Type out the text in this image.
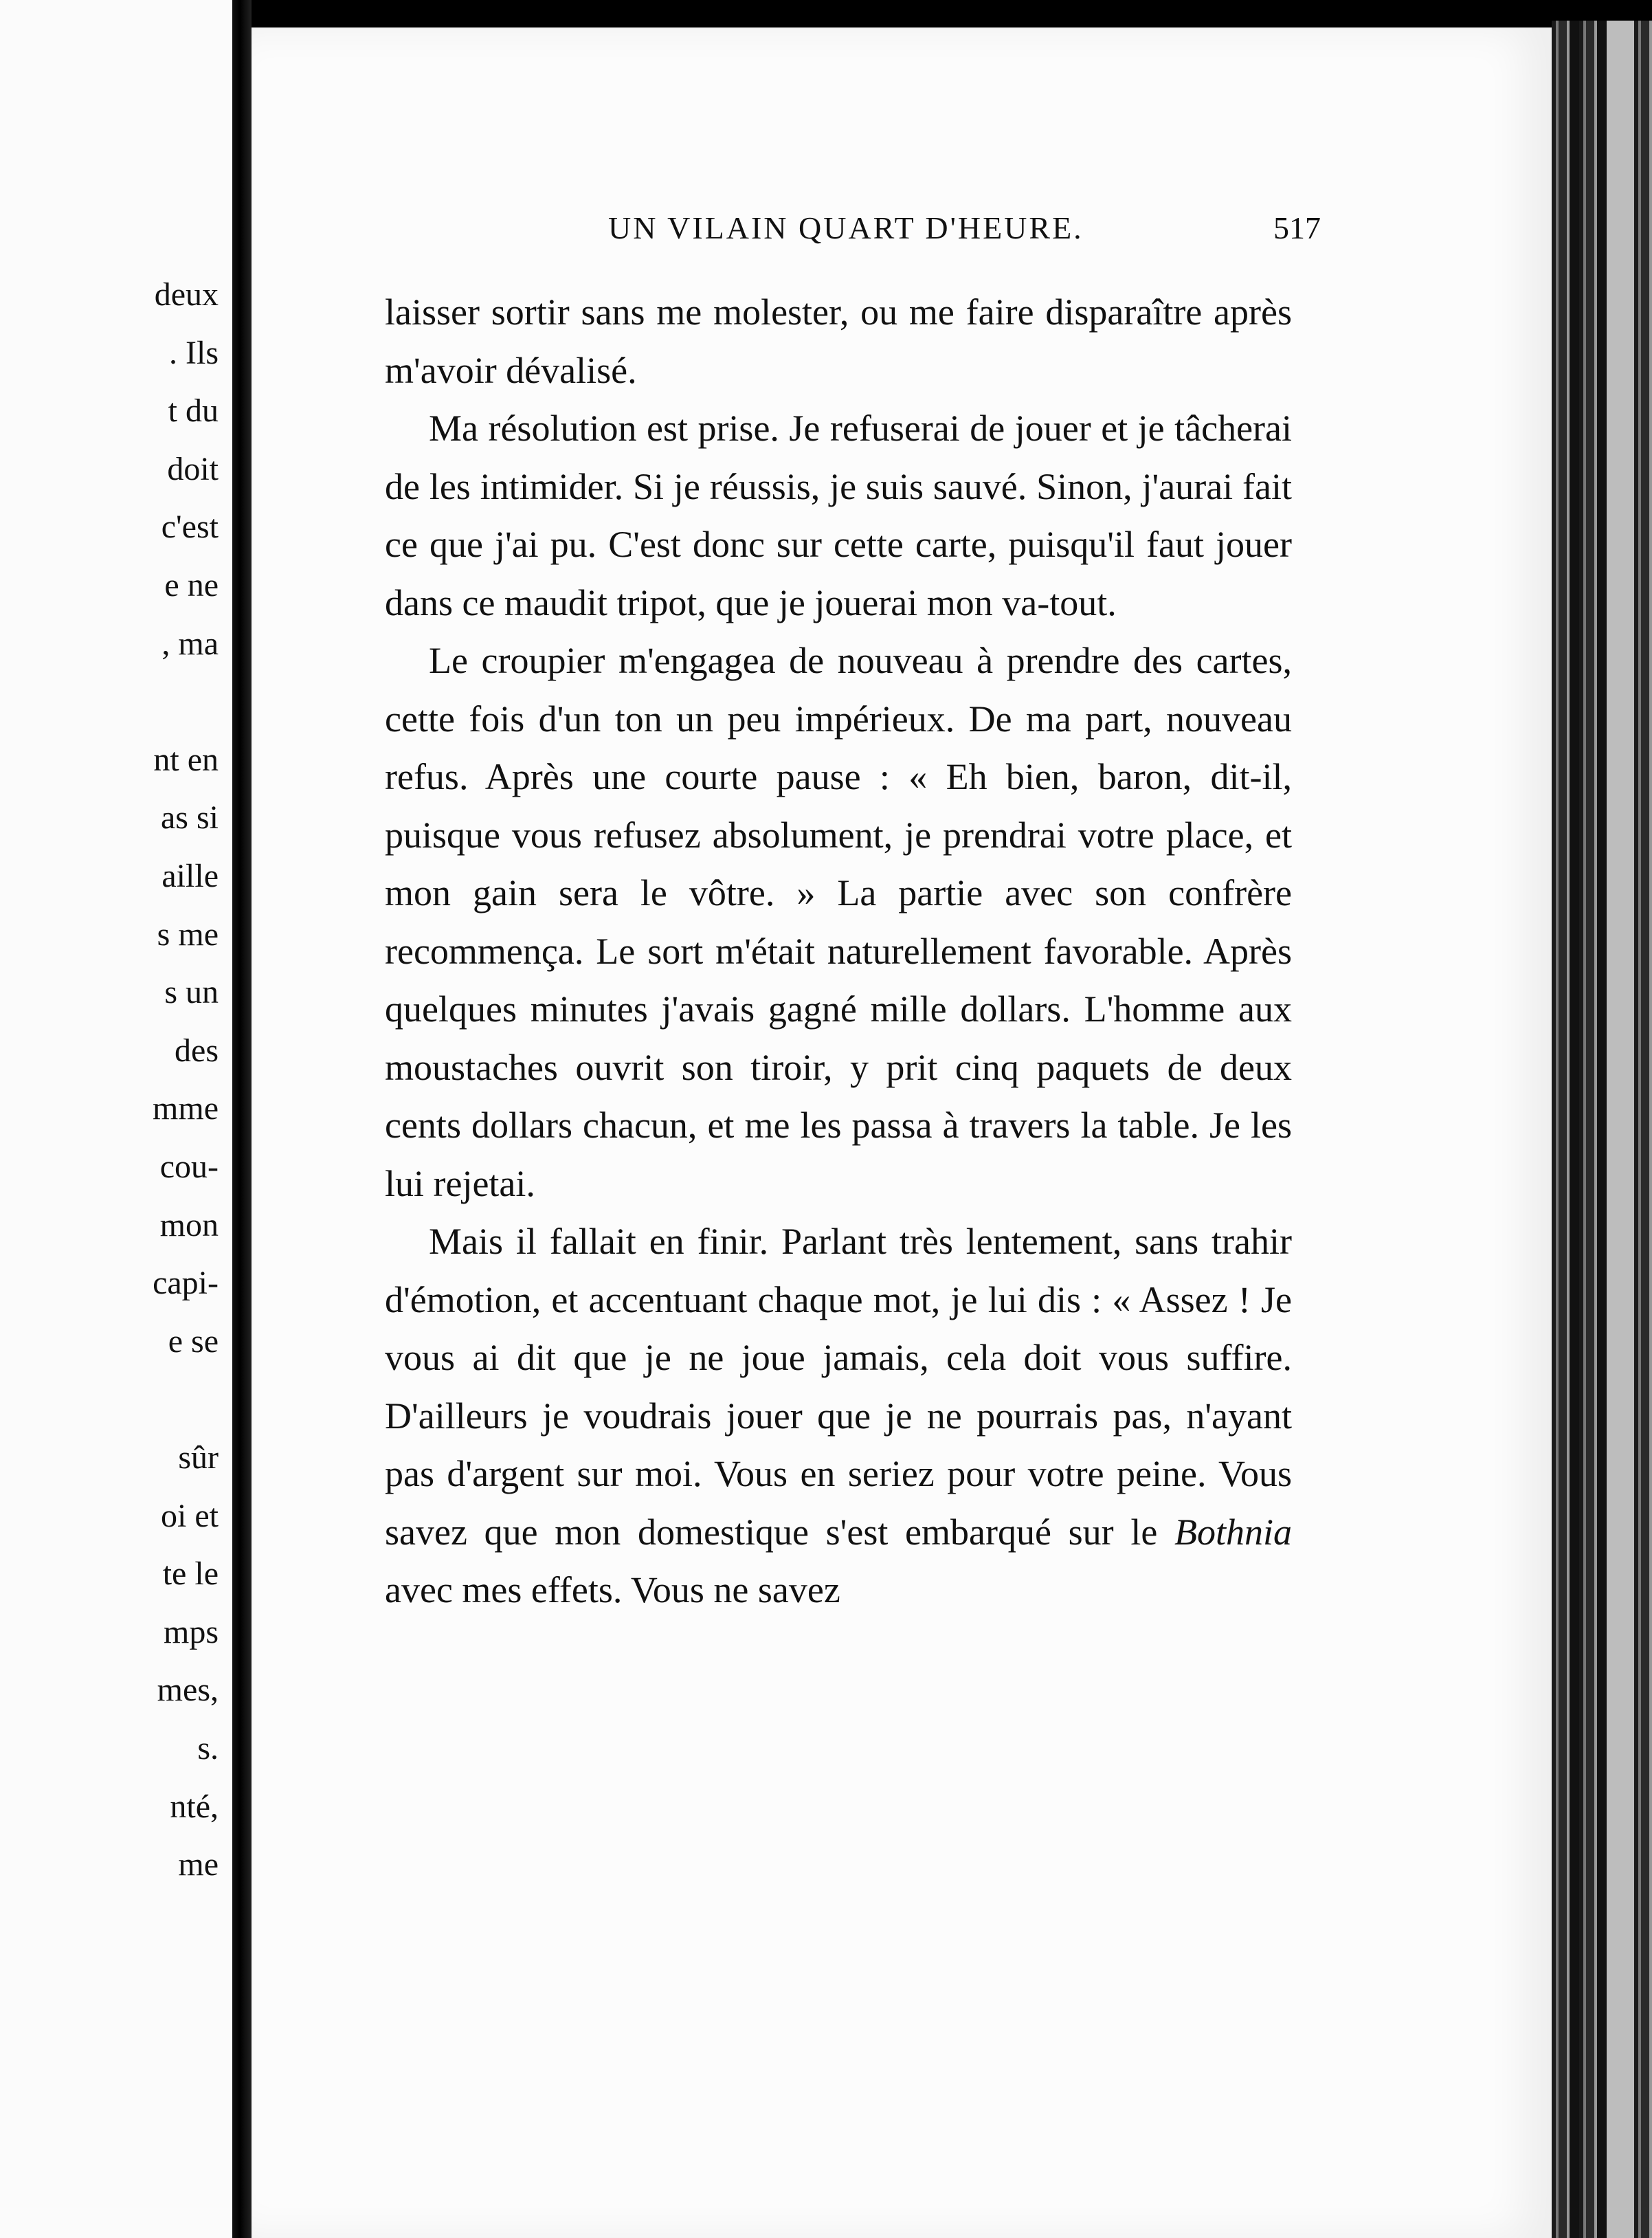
deux
. Ils
t du
doit
c'est
e ne
, ma
nt en
as si
aille
s me
s un
des
mme
cou-
mon
capi-
e se
sûr
oi et
te le
mps
mes,
s.
nté,
me
UN VILAIN QUART D'HEURE.	517

laisser sortir sans me molester, ou me faire disparaître après m'avoir dévalisé.

Ma résolution est prise. Je refuserai de jouer et je tâcherai de les intimider. Si je réussis, je suis sauvé. Sinon, j'aurai fait ce que j'ai pu. C'est donc sur cette carte, puisqu'il faut jouer dans ce maudit tripot, que je jouerai mon va-tout.

Le croupier m'engagea de nouveau à prendre des cartes, cette fois d'un ton un peu impérieux. De ma part, nouveau refus. Après une courte pause : « Eh bien, baron, dit-il, puisque vous refusez absolument, je prendrai votre place, et mon gain sera le vôtre. » La partie avec son confrère recommença. Le sort m'était naturellement favorable. Après quelques minutes j'avais gagné mille dollars. L'homme aux moustaches ouvrit son tiroir, y prit cinq paquets de deux cents dollars chacun, et me les passa à travers la table. Je les lui rejetai.

Mais il fallait en finir. Parlant très lentement, sans trahir d'émotion, et accentuant chaque mot, je lui dis : « Assez ! Je vous ai dit que je ne joue jamais, cela doit vous suffire. D'ailleurs je voudrais jouer que je ne pourrais pas, n'ayant pas d'argent sur moi. Vous en seriez pour votre peine. Vous savez que mon domestique s'est embarqué sur le Bothnia avec mes effets. Vous ne savez
